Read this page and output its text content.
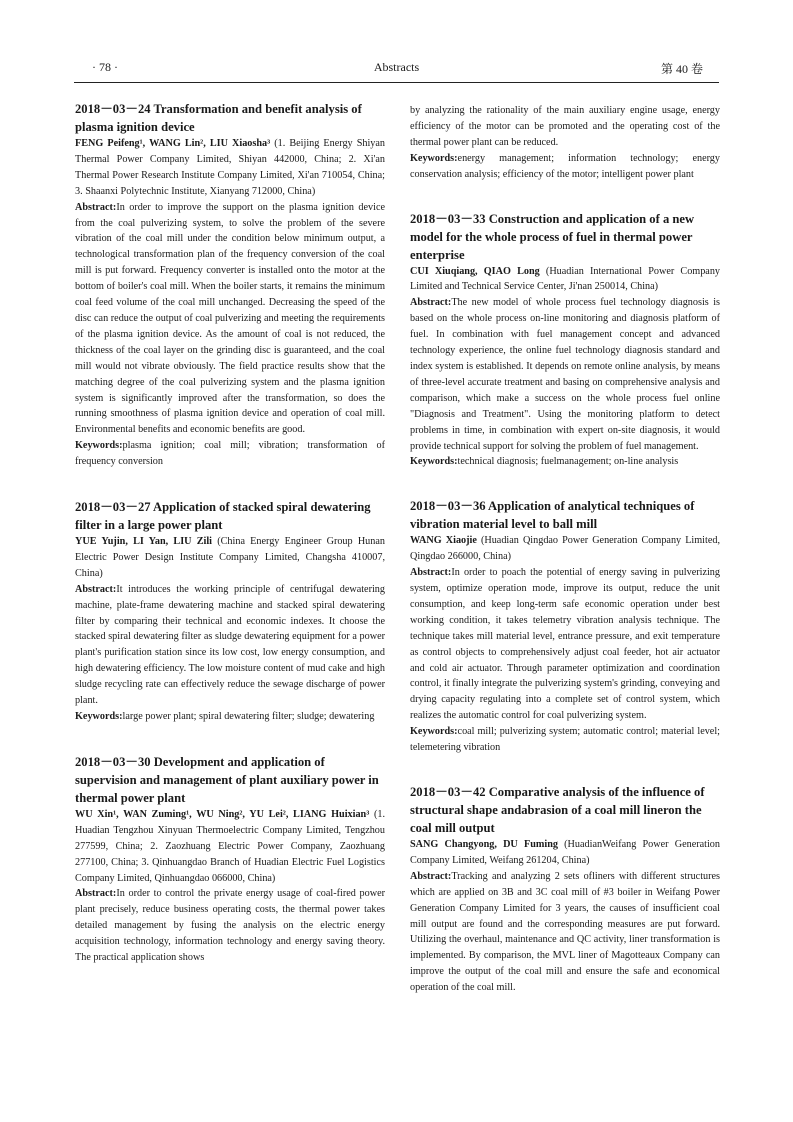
· 78 ·	Abstracts	第 40 卷

2018－03－24 Transformation and benefit analysis of plasma ignition device

FENG Peifeng¹, WANG Lin², LIU Xiaosha³ (1. Beijing Energy Shiyan Thermal Power Company Limited, Shiyan 442000, China; 2. Xi'an Thermal Power Research Institute Company Limited, Xi'an 710054, China; 3. Shaanxi Polytechnic Institute, Xianyang 712000, China)

Abstract:In order to improve the support on the plasma ignition device from the coal pulverizing system, to solve the problem of the severe vibration of the coal mill under the condition below minimum output, a technological transformation plan of the frequency conversion of the coal mill is put forward. Frequency converter is installed onto the motor at the bottom of boiler's coal mill. When the boiler starts, it remains the minimum coal feed volume of the coal mill unchanged. Decreasing the speed of the disc can reduce the output of coal pulverizing and meeting the requirements of the plasma ignition device. As the amount of coal is not reduced, the thickness of the coal layer on the grinding disc is guaranteed, and the coal mill would not vibrate obviously. The field practice results show that the matching degree of the coal pulverizing system and the plasma ignition system is significantly improved after the transformation, so does the running smoothness of plasma ignition device and operation of coal mill. Environmental benefits and economic benefits are good.

Keywords:plasma ignition; coal mill; vibration; transformation of frequency conversion

2018－03－27 Application of stacked spiral dewatering filter in a large power plant

YUE Yujin, LI Yan, LIU Zili (China Energy Engineer Group Hunan Electric Power Design Institute Company Limited, Changsha 410007, China)

Abstract:It introduces the working principle of centrifugal dewatering machine, plate-frame dewatering machine and stacked spiral dewatering filter by comparing their technical and economic indexes. It choose the stacked spiral dewatering filter as sludge dewatering equipment for a power plant's purification station since its low cost, low energy consumption, and high dewatering efficiency. The low moisture content of mud cake and high sludge recycling rate can effectively reduce the sewage discharge of power plant.

Keywords:large power plant; spiral dewatering filter; sludge; dewatering

2018－03－30 Development and application of supervision and management of plant auxiliary power in thermal power plant

WU Xin¹, WAN Zuming¹, WU Ning², YU Lei², LIANG Huixian³ (1. Huadian Tengzhou Xinyuan Thermoelectric Company Limited, Tengzhou 277599, China; 2. Zaozhuang Electric Power Company, Zaozhuang 277100, China; 3. Qinhuangdao Branch of Huadian Electric Fuel Logistics Company Limited, Qinhuangdao 066000, China)

Abstract:In order to control the private energy usage of coal-fired power plant precisely, reduce business operating costs, the thermal power takes detailed management by fusing the analysis on the electric energy acquisition technology, information technology and energy saving theory. The practical application shows

by analyzing the rationality of the main auxiliary engine usage, energy efficiency of the motor can be promoted and the operating cost of the thermal power plant can be reduced.

Keywords:energy management; information technology; energy conservation analysis; efficiency of the motor; intelligent power plant

2018－03－33 Construction and application of a new model for the whole process of fuel in thermal power enterprise

CUI Xiuqiang, QIAO Long (Huadian International Power Company Limited and Technical Service Center, Ji'nan 250014, China)

Abstract:The new model of whole process fuel technology diagnosis is based on the whole process on-line monitoring and diagnosis platform of fuel. In combination with fuel management concept and advanced technology experience, the online fuel technology diagnosis standard and index system is established. It depends on remote online analysis, by means of three-level accurate treatment and basing on comprehensive analysis and comparison, which make a success on the whole process fuel online "Diagnosis and Treatment". Using the monitoring platform to detect problems in time, in combination with expert on-site diagnosis, it would provide technical support for solving the problem of fuel management.

Keywords:technical diagnosis; fuelmanagement; on-line analysis

2018－03－36 Application of analytical techniques of vibration material level to ball mill

WANG Xiaojie (Huadian Qingdao Power Generation Company Limited, Qingdao 266000, China)

Abstract:In order to poach the potential of energy saving in pulverizing system, optimize operation mode, improve its output, reduce the unit consumption, and keep long-term safe economic operation under best working condition, it takes telemetry vibration analysis technique. The technique takes mill material level, entrance pressure, and exit temperature as control objects to comprehensively adjust coal feeder, hot air actuator and cold air actuator. Through parameter optimization and coordination control, it finally integrate the pulverizing system's grinding, conveying and drying capacity regulating into a complete set of control system, which realizes the automatic control for coal pulverizing system.

Keywords:coal mill; pulverizing system; automatic control; material level; telemetering vibration

2018－03－42 Comparative analysis of the influence of structural shape andabrasion of a coal mill lineron the coal mill output

SANG Changyong, DU Fuming (HuadianWeifang Power Generation Company Limited, Weifang 261204, China)

Abstract:Tracking and analyzing 2 sets ofliners with different structures which are applied on 3B and 3C coal mill of #3 boiler in Weifang Power Generation Company Limited for 3 years, the causes of insufficient coal mill output are found and the corresponding measures are put forward. Utilizing the overhaul, maintenance and QC activity, liner transformation is implemented. By comparison, the MVL liner of Magotteaux Company can improve the output of the coal mill and ensure the safe and economical operation of the coal mill.
